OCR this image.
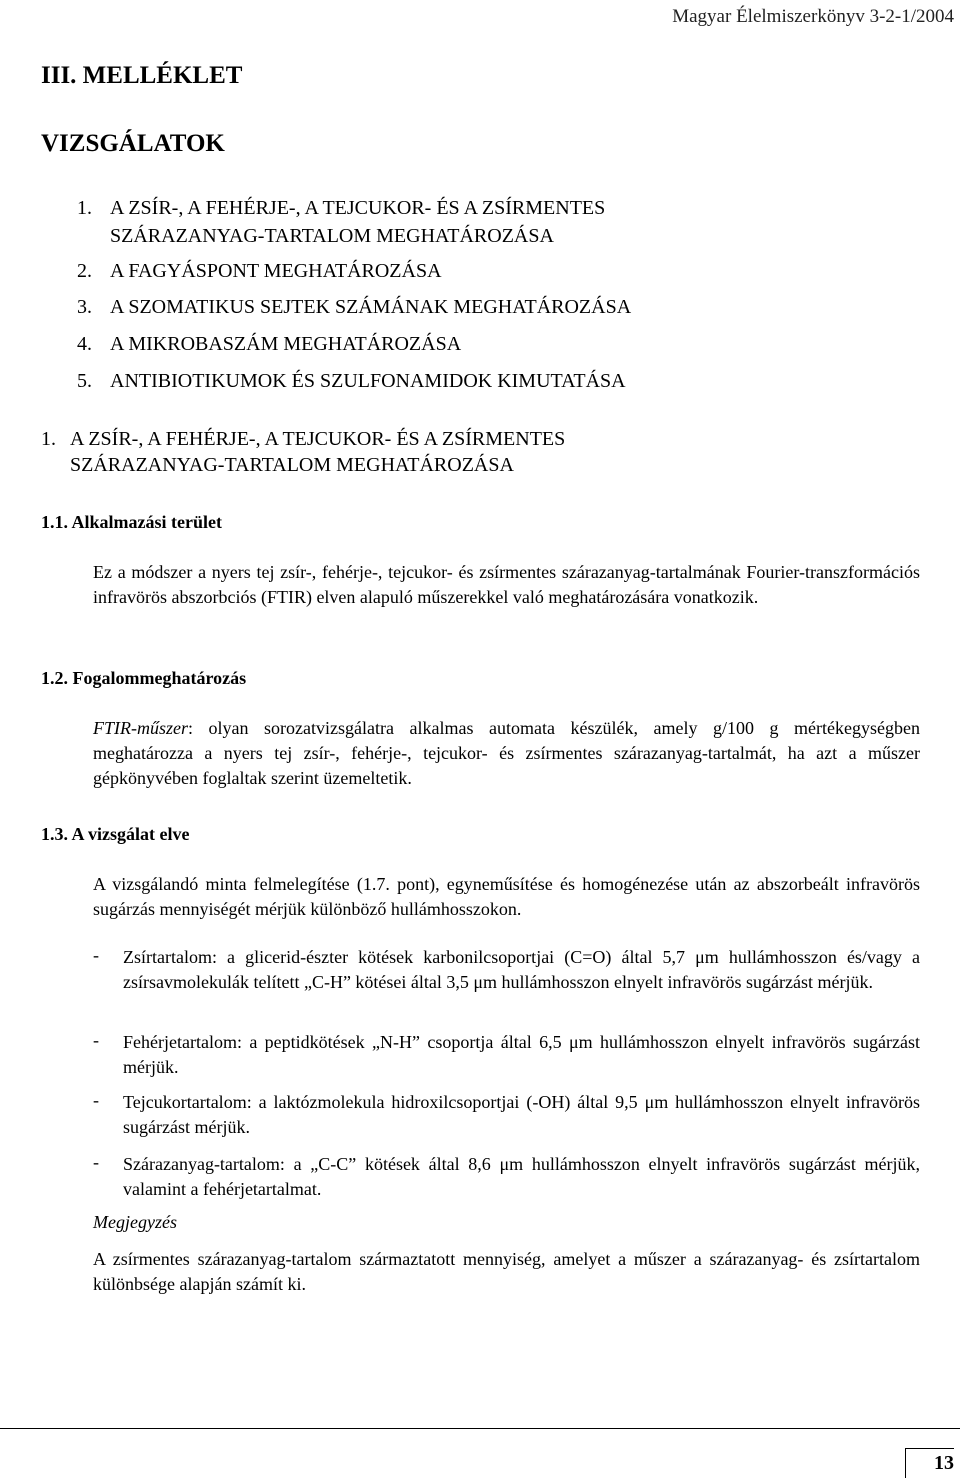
Magyar Élelmiszerkönyv 3-2-1/2004
III. MELLÉKLET
VIZSGÁLATOK
1. A ZSÍR-, A FEHÉRJE-, A TEJCUKOR- ÉS A ZSÍRMENTES
SZÁRAZANYAG-TARTALOM MEGHATÁROZÁSA
2. A FAGYÁSPONT MEGHATÁROZÁSA
3. A SZOMATIKUS SEJTEK SZÁMÁNAK MEGHATÁROZÁSA
4. A MIKROBASZÁM MEGHATÁROZÁSA
5. ANTIBIOTIKUMOK ÉS SZULFONAMIDOK KIMUTATÁSA
1. A ZSÍR-, A FEHÉRJE-, A TEJCUKOR- ÉS A ZSÍRMENTES
SZÁRAZANYAG-TARTALOM MEGHATÁROZÁSA
1.1. Alkalmazási terület
Ez a módszer a nyers tej zsír-, fehérje-, tejcukor- és zsírmentes szárazanyag-tartalmának Fourier-transzformációs infravörös abszorbciós (FTIR) elven alapuló műszerekkel való meghatározására vonatkozik.
1.2. Fogalommeghatározás
FTIR-műszer: olyan sorozatvizsgálatra alkalmas automata készülék, amely g/100 g mértékegységben meghatározza a nyers tej zsír-, fehérje-, tejcukor- és zsírmentes szárazanyag-tartalmát, ha azt a műszer gépkönyvében foglaltak szerint üzemeltetik.
1.3. A vizsgálat elve
A vizsgálandó minta felmelegítése (1.7. pont), egyneműsítése és homogénezése után az abszorbeált infravörös sugárzás mennyiségét mérjük különböző hullámhosszokon.
-	Zsírtartalom: a glicerid-észter kötések karbonilcsoportjai (C=O) által 5,7 μm hullámhosszon és/vagy a zsírsavmolekulák telített „C-H” kötései által 3,5 μm hullámhosszon elnyelt infravörös sugárzást mérjük.
-	Fehérjetartalom: a peptidkötések „N-H” csoportja által 6,5 μm hullámhosszon elnyelt infravörös sugárzást mérjük.
-	Tejcukortartalom: a laktózmolekula hidroxilcsoportjai (-OH) által 9,5 μm hullámhosszon elnyelt infravörös sugárzást mérjük.
-	Szárazanyag-tartalom: a „C-C” kötések által 8,6 μm hullámhosszon elnyelt infravörös sugárzást mérjük, valamint a fehérjetartalmat.
Megjegyzés
A zsírmentes szárazanyag-tartalom származtatott mennyiség, amelyet a műszer a szárazanyag- és zsírtartalom különbsége alapján számít ki.
13
